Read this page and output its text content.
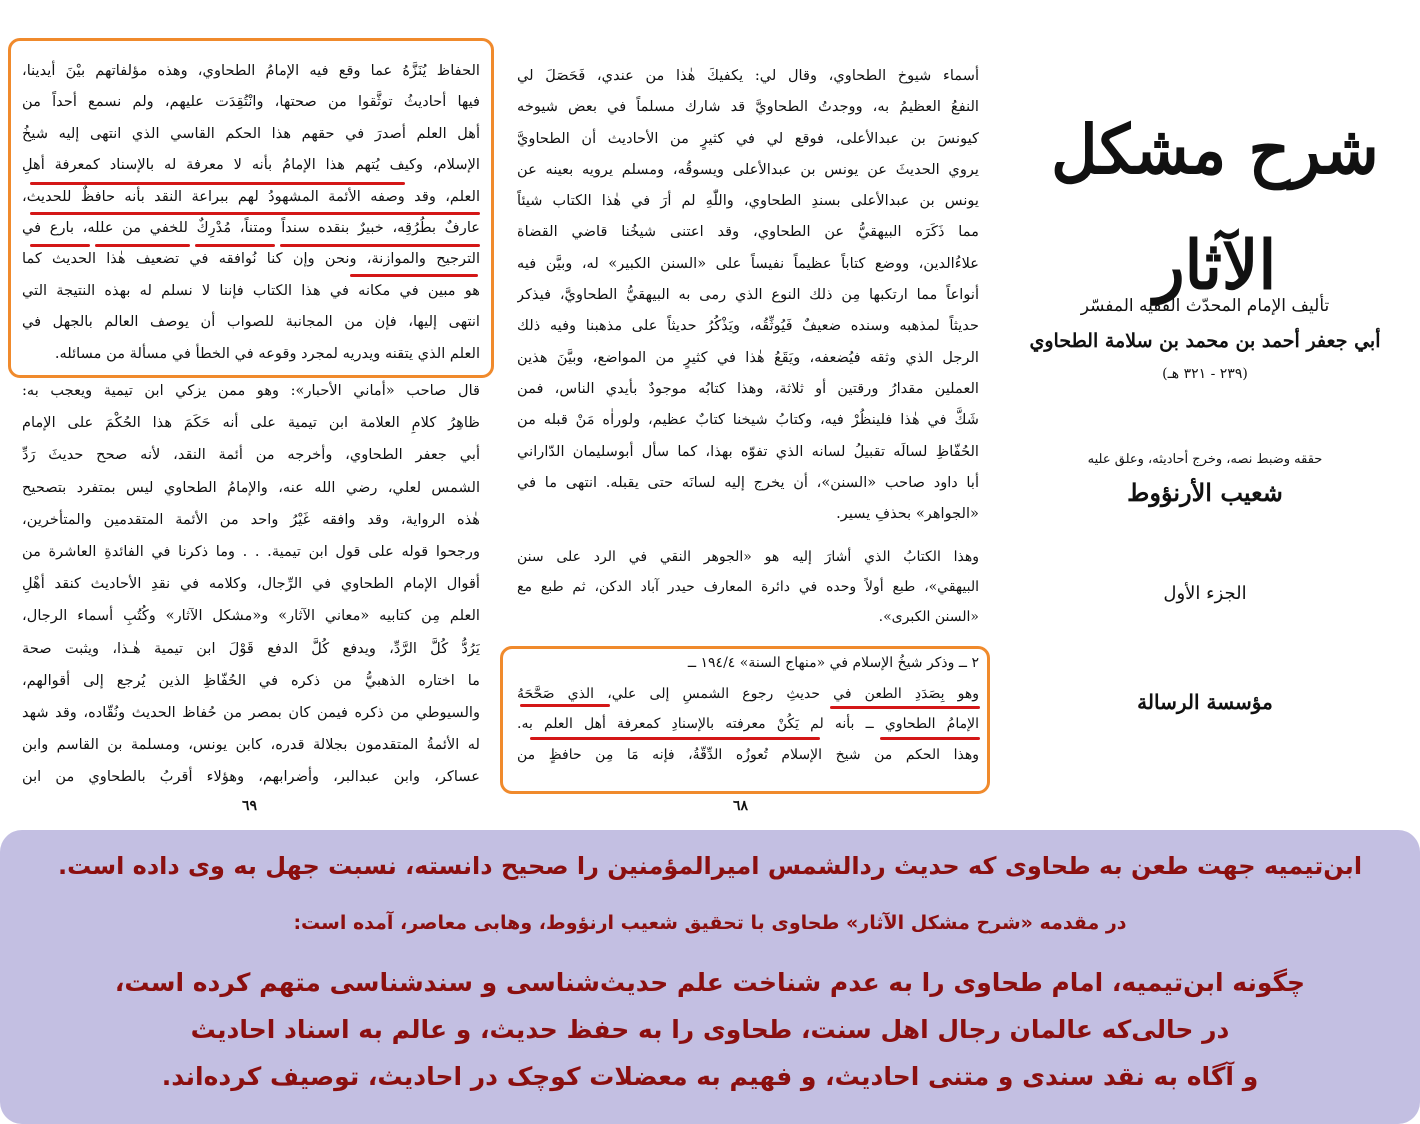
الحفاظ يُنَزَّهُ عما وقع فيه الإمامُ الطحاوي، وهذه مؤلفاتهم بيْنَ أيدينا،
فيها أحاديثُ توثَّقوا من صحتها، وانْتُقِدَت عليهم، ولم نسمع أحداً من
أهل العلم أصدرَ في حقهم هذا الحكم القاسي الذي انتهى إليه شيخُ
الإسلام، وكيف يُتهم هذا الإمامُ بأنه لا معرفة له بالإسناد كمعرفة أهلِ
العلم، وقد وصفه الأئمة المشهودُ لهم ببراعة النقد بأنه حافظٌ للحديث،
عارفٌ بطُرُقِه، خبيرٌ بنقده سنداً ومتناً، مُدْرِكٌ للخفي من علله، بارع في
الترجيح والموازنة، ونحن وإن كنا نُوافقه في تضعيف هٰذا الحديث كما
هو مبين في مكانه في هذا الكتاب فإننا لا نسلم له بهذه النتيجة التي
انتهى إليها، فإن من المجانبة للصواب أن يوصف العالم بالجهل في
العلم الذي يتقنه ويدريه لمجرد وقوعه في الخطأ في مسألة من مسائله.
قال صاحب «أماني الأحبار»: وهو ممن يزكي ابن تيمية ويعجب به:
ظاهِرُ كلامِ العلامة ابن تيمية على أنه حَكَمَ هذا الحُكْمَ على الإمام
أبي جعفر الطحاوي، وأخرجه من أئمة النقد، لأنه صحح حديثَ رَدِّ
الشمس لعلي، رضي الله عنه، والإمامُ الطحاوي ليس بمتفرد بتصحيح
هٰذه الرواية، وقد وافقه غَيْرُ واحد من الأئمة المتقدمين والمتأخرين،
ورجحوا قوله على قول ابن تيمية. . . وما ذكرنا في الفائدةِ العاشرة من
أقوال الإمام الطحاوي في الرِّجال، وكلامه في نقدِ الأحاديث كنقد أهْلِ
العلم مِن كتابيه «معاني الآثار» و«مشكل الآثار» وكُتُبِ أسماء الرجال،
يَرُدُّ كُلَّ الرَّدِّ، ويدفع كُلَّ الدفع قَوْلَ ابن تيمية هٰـذا، ويثبت صحة
ما اختاره الذهبيُّ من ذكره في الحُفّاظِ الذين يُرجع إلى أقوالهم،
والسيوطي من ذكره فيمن كان بمصر من حُفاظ الحديث ونُقّاده، وقد شهد
له الأئمةُ المتقدمون بجلالة قدره، كابن يونس، ومسلمة بن القاسم وابن
عساكر، وابن عبدالبر، وأضرابهم، وهؤلاء أقربُ بالطحاوي من ابن
٦٩
أسماء شيوخ الطحاوي، وقال لي: يكفيكَ هٰذا من عندي، فَحَصَلَ لي
النفعُ العظيمُ به، ووجدتُ الطحاويَّ قد شارك مسلماً في بعض شيوخه
كيونسَ بن عبدالأعلى، فوقع لي في كثيرٍ من الأحاديث أن الطحاويَّ
يروي الحديثَ عن يونس بن عبدالأعلى ويسوقُه، ومسلم يرويه بعينه عن
يونس بن عبدالأعلى بسندِ الطحاوي، واللّٰهِ لم أرَ في هٰذا الكتاب شيئاً
مما ذَكَرَه البيهقيُّ عن الطحاوي، وقد اعتنى شيخُنا قاضي القضاة
علاءُالدين، ووضع كتاباً عظيماً نفيساً على «السنن الكبير» له، وبيَّن فيه
أنواعاً مما ارتكبها مِن ذلك النوع الذي رمى به البيهقيُّ الطحاويَّ، فيذكر
حديثاً لمذهبه وسنده ضعيفٌ فَيُوثِّقُه، ويَذْكُرُ حديثاً على مذهبنا وفيه ذلك
الرجل الذي وثقه فيُضعفه، ويَقَعُ هٰذا في كثيرٍ من المواضع، وبيَّنَ هذين
العملين مقدارُ ورقتين أو ثلاثة، وهذا كتابُه موجودٌ بأيدي الناس، فمن
شَكَّ في هٰذا فلينظُرْ فيه، وكتابُ شيخنا كتابٌ عظيم، ولوراٰه مَنْ قبله من
الحُفّاظِ لسالَه تقبيلُ لسانه الذي تفوّه بهذا، كما سأل أبوسليمان الدّاراني
أبا داود صاحب «السنن»، أن يخرج إليه لسانَه حتى يقبله. انتهى ما في
«الجواهر» بحذفِ يسير.
وهذا الكتابُ الذي أشارَ إليه هو «الجوهر النقي في الرد على سنن
البيهقي»، طبع أولاً وحده في دائرة المعارف حيدر آباد الدكن، ثم طبع مع
«السنن الكبرى».
٢ ــ وذكر شيخُ الإسلام في «منهاج السنة» ١٩٤/٤ ــ
وهو بِصَدَدِ الطعن في حديثِ رجوع الشمسِ إلى علي، الذي صَحَّحَهُ
الإمامُ الطحاوي ــ بأنه لم يَكُنْ معرفته بالإسنادِ كمعرفة أهل العلم به.
وهذا الحكم من شيخ الإسلام تُعوزُه الدِّقّةُ، فإنه مَا مِن حافظٍ من
٦٨
شرح مشكل الآثار
تأليف الإمام المحدّث الفقيه المفسّر
أبي جعفر أحمد بن محمد بن سلامة الطحاوي
(٢٣٩ - ٣٢١ هـ)
حققه وضبط نصه، وخرج أحاديثه، وعلق عليه
شعيب الأرنؤوط
الجزء الأول
مؤسسة الرسالة
ابن‌تیمیه جهت طعن به طحاوی که حدیث ردالشمس امیرالمؤمنین را صحیح دانسته، نسبت جهل به وی داده است.
در مقدمه «شرح مشکل الآثار» طحاوی با تحقیق شعیب ارنؤوط، وهابی معاصر، آمده است:
چگونه ابن‌تیمیه، امام طحاوی را به عدم شناخت علم حدیث‌شناسی و سندشناسی متهم کرده است،
در حالی‌که عالمان رجال اهل سنت، طحاوی را به حفظ حدیث، و عالم به اسناد احادیث
و آگاه به نقد سندی و متنی احادیث، و فهیم به معضلات کوچک در احادیث، توصیف کرده‌اند.
